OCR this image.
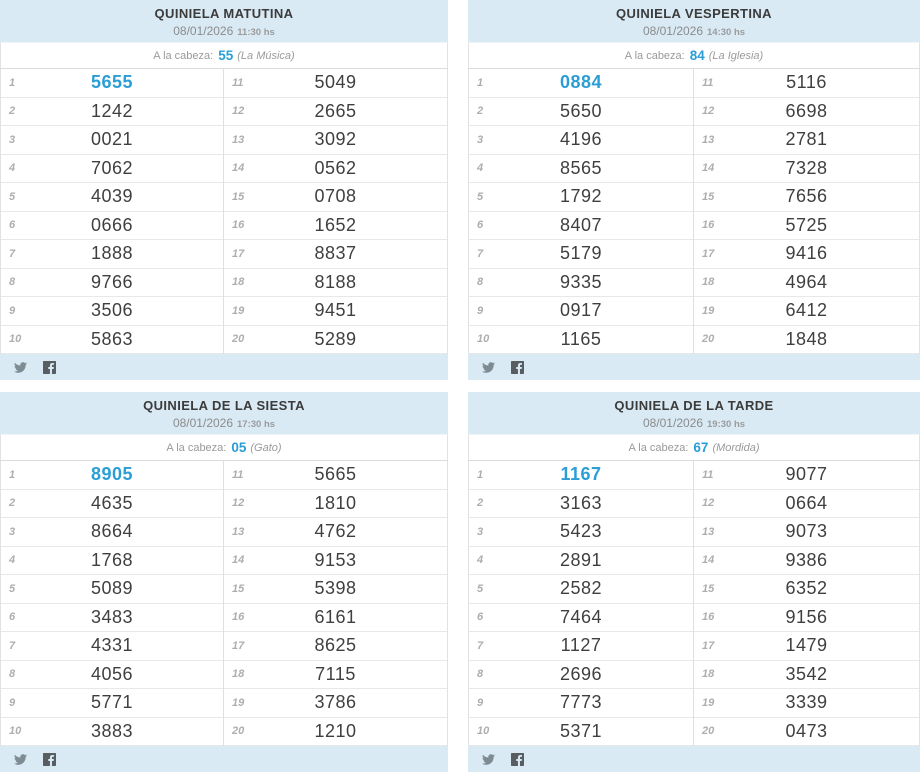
QUINIELA MATUTINA
08/01/2026 11:30 hs
A la cabeza: 55 (La Música)
1	5655
2	1242
3	0021
4	7062
5	4039
6	0666
7	1888
8	9766
9	3506
10	5863
11	5049
12	2665
13	3092
14	0562
15	0708
16	1652
17	8837
18	8188
19	9451
20	5289
QUINIELA VESPERTINA
08/01/2026 14:30 hs
A la cabeza: 84 (La Iglesia)
1	0884
2	5650
3	4196
4	8565
5	1792
6	8407
7	5179
8	9335
9	0917
10	1165
11	5116
12	6698
13	2781
14	7328
15	7656
16	5725
17	9416
18	4964
19	6412
20	1848
QUINIELA DE LA SIESTA
08/01/2026 17:30 hs
A la cabeza: 05 (Gato)
1	8905
2	4635
3	8664
4	1768
5	5089
6	3483
7	4331
8	4056
9	5771
10	3883
11	5665
12	1810
13	4762
14	9153
15	5398
16	6161
17	8625
18	7115
19	3786
20	1210
QUINIELA DE LA TARDE
08/01/2026 19:30 hs
A la cabeza: 67 (Mordida)
1	1167
2	3163
3	5423
4	2891
5	2582
6	7464
7	1127
8	2696
9	7773
10	5371
11	9077
12	0664
13	9073
14	9386
15	6352
16	9156
17	1479
18	3542
19	3339
20	0473
